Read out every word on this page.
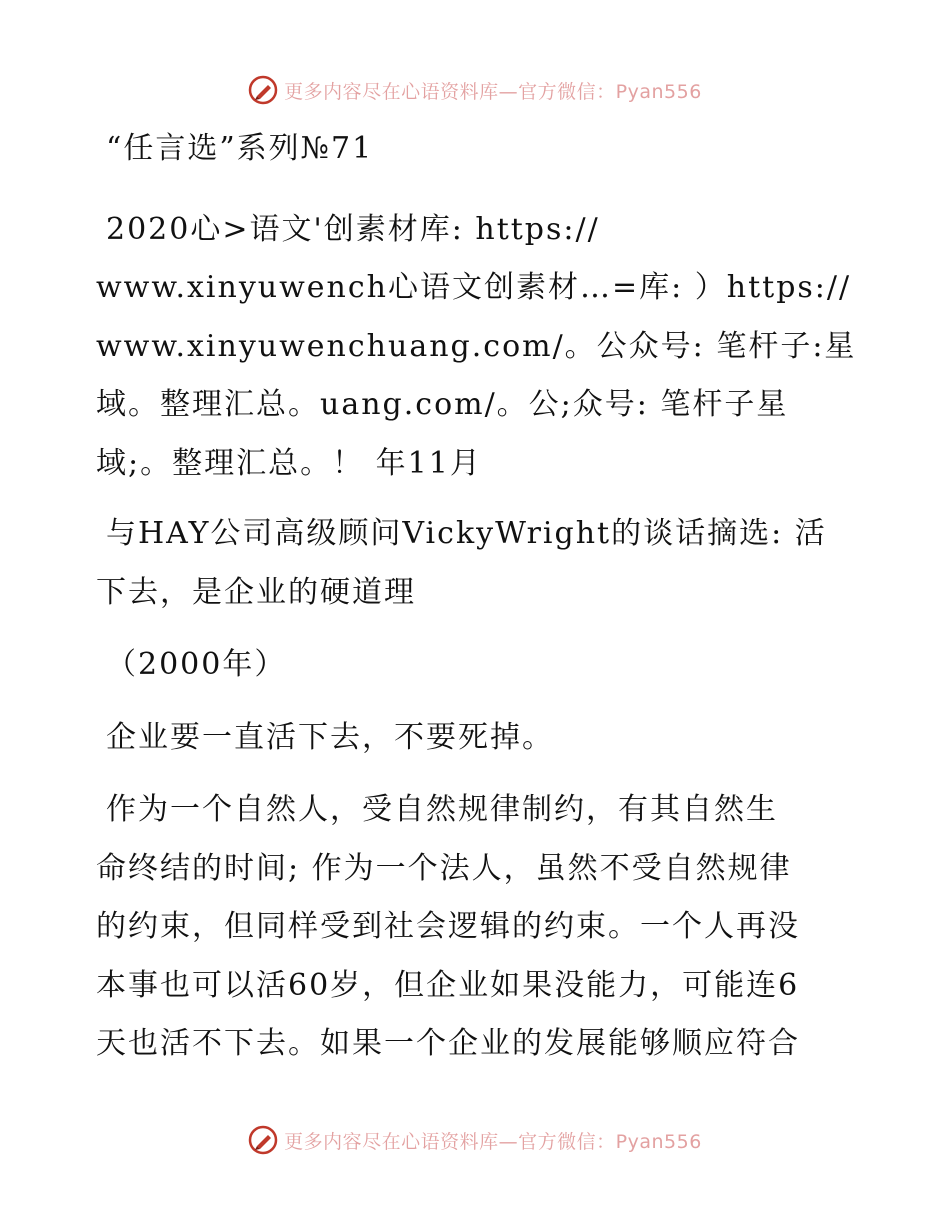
更多内容尽在心语资料库—官方微信：Pyan556

“任言选”系列№71

2020心>语文'创素材库: https://
www.xinyuwench心语文创素材…=库: ）https://
www.xinyuwenchuang.com/。公众号: 笔杆子:星
域。整理汇总。uang.com/。公;众号: 笔杆子星
域;。整理汇总。！ 年11月

与HAY公司高级顾问VickyWright的谈话摘选: 活
下去，是企业的硬道理

（2000年）

企业要一直活下去，不要死掉。

作为一个自然人，受自然规律制约，有其自然生
命终结的时间; 作为一个法人，虽然不受自然规律
的约束，但同样受到社会逻辑的约束。一个人再没
本事也可以活60岁，但企业如果没能力，可能连6
天也活不下去。如果一个企业的发展能够顺应符合

更多内容尽在心语资料库—官方微信：Pyan556
